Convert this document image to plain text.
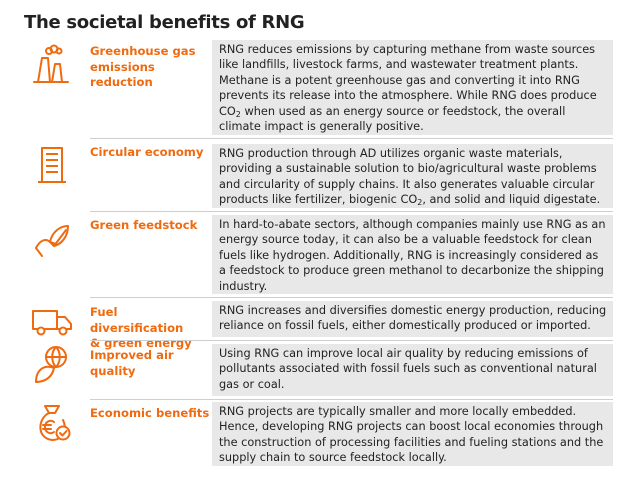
The societal benefits of RNG
Greenhouse gas
emissions reduction
RNG reduces emissions by capturing methane from waste sources like landfills, livestock farms, and wastewater treatment plants. Methane is a potent greenhouse gas and converting it into RNG prevents its release into the atmosphere. While RNG does produce $CO_2$ when used as an energy source or feedstock, the overall climate impact is generally positive.
Circular economy	RNG production through AD utilizes organic waste materials, providing a sustainable solution to bio/agricultural waste problems and circularity of supply chains. It also generates valuable circular products like fertilizer, biogenic $CO_2$, and solid and liquid digestate.
Green feedstock	In hard-to-abate sectors, although companies mainly use RNG as an energy source today, it can also be a valuable feedstock for clean fuels like hydrogen. Additionally, RNG is increasingly considered as a feedstock to produce green methanol to decarbonize the shipping industry.
Fuel diversification
& green energy
RNG increases and diversifies domestic energy production, reducing reliance on fossil fuels, either domestically produced or imported.
Improved air quality
Using RNG can improve local air quality by reducing emissions of pollutants associated with fossil fuels such as conventional natural gas or coal.
Economic benefits RNG projects are typically smaller and more locally embedded. Hence, developing RNG projects can boost local economies through the construction of processing facilities and fueling stations and the supply chain to source feedstock locally.
